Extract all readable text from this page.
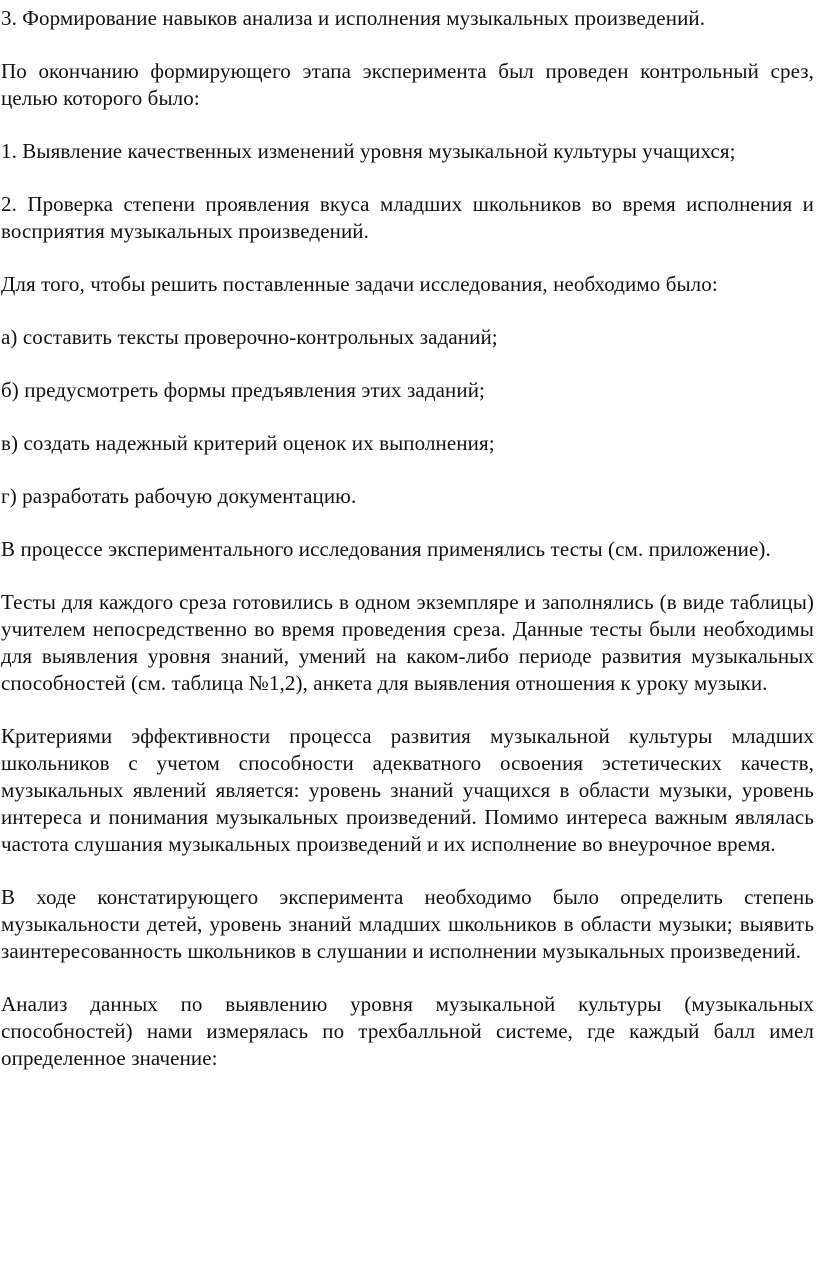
3. Формирование навыков анализа и исполнения музыкальных произведений.

По окончанию формирующего этапа эксперимента был проведен контрольный срез, целью которого было:

1. Выявление качественных изменений уровня музыкальной культуры учащихся;

2. Проверка степени проявления вкуса младших школьников во время исполнения и восприятия музыкальных произведений.

Для того, чтобы решить поставленные задачи исследования, необходимо было:

а) составить тексты проверочно-контрольных заданий;

б) предусмотреть формы предъявления этих заданий;

в) создать надежный критерий оценок их выполнения;

г) разработать рабочую документацию.

В процессе экспериментального исследования применялись тесты (см. приложение).

Тесты для каждого среза готовились в одном экземпляре и заполнялись (в виде таблицы) учителем непосредственно во время проведения среза. Данные тесты были необходимы для выявления уровня знаний, умений на каком-либо периоде развития музыкальных способностей (см. таблица №1,2), анкета для выявления отношения к уроку музыки.

Критериями эффективности процесса развития музыкальной культуры младших школьников с учетом способности адекватного освоения эстетических качеств, музыкальных явлений является: уровень знаний учащихся в области музыки, уровень интереса и понимания музыкальных произведений. Помимо интереса важным являлась частота слушания музыкальных произведений и их исполнение во внеурочное время.

В ходе констатирующего эксперимента необходимо было определить степень музыкальности детей, уровень знаний младших школьников в области музыки; выявить заинтересованность школьников в слушании и исполнении музыкальных произведений.

Анализ данных по выявлению уровня музыкальной культуры (музыкальных способностей) нами измерялась по трехбалльной системе, где каждый балл имел определенное значение:
